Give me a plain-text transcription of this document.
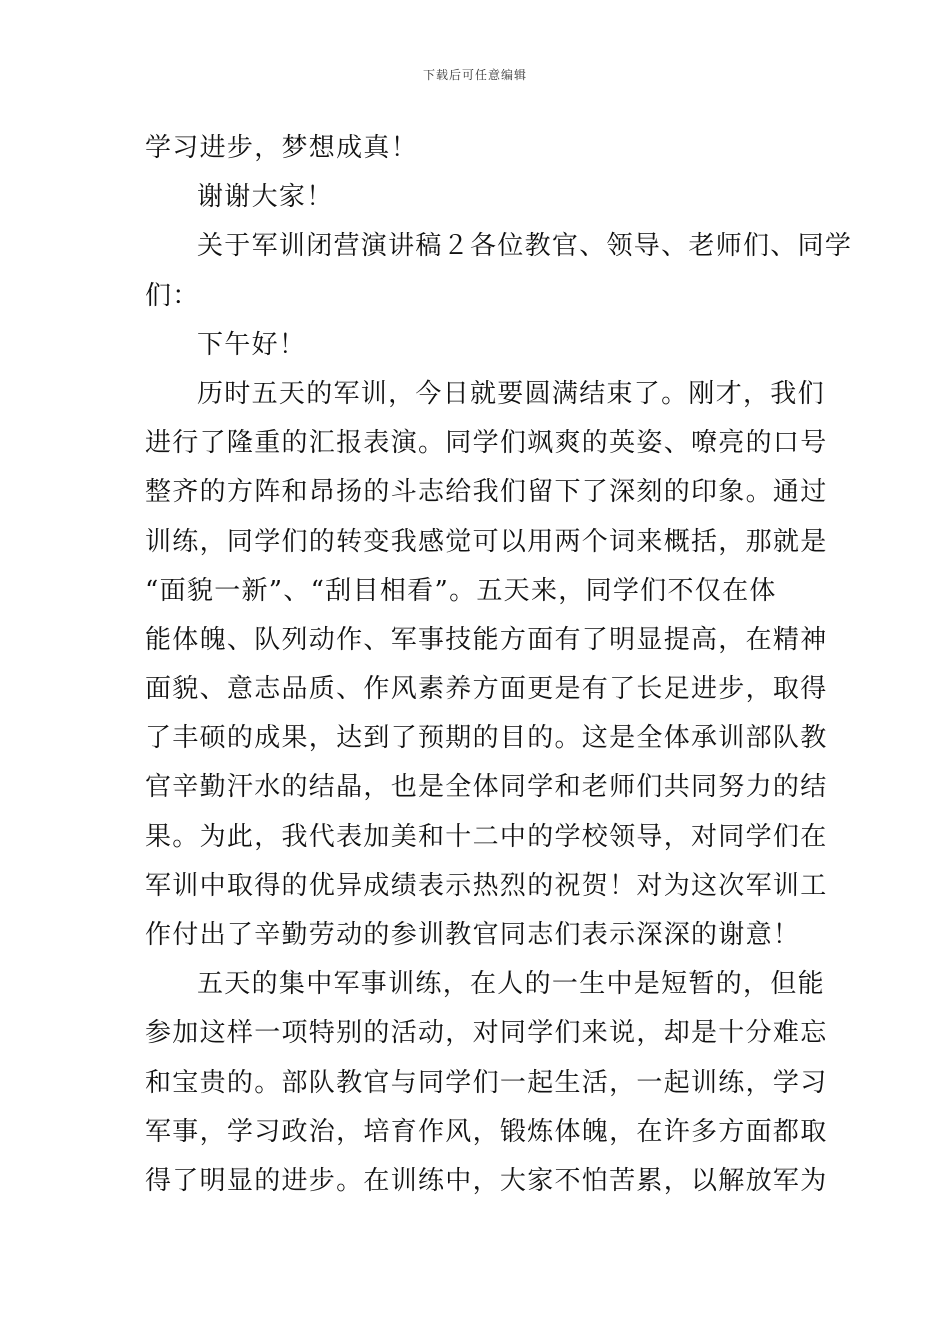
下载后可任意编辑
学习进步，梦想成真！
谢谢大家！
关于军训闭营演讲稿２各位教官、领导、老师们、同学
们：
下午好！
历时五天的军训，今日就要圆满结束了。刚才，我们
进行了隆重的汇报表演。同学们飒爽的英姿、嘹亮的口号
整齐的方阵和昂扬的斗志给我们留下了深刻的印象。通过
训练，同学们的转变我感觉可以用两个词来概括，那就是
“面貌一新”、“刮目相看”。五天来，同学们不仅在体
能体魄、队列动作、军事技能方面有了明显提高，在精神
面貌、意志品质、作风素养方面更是有了长足进步，取得
了丰硕的成果，达到了预期的目的。这是全体承训部队教
官辛勤汗水的结晶，也是全体同学和老师们共同努力的结
果。为此，我代表加美和十二中的学校领导，对同学们在
军训中取得的优异成绩表示热烈的祝贺！对为这次军训工
作付出了辛勤劳动的参训教官同志们表示深深的谢意！
五天的集中军事训练，在人的一生中是短暂的，但能
参加这样一项特别的活动，对同学们来说，却是十分难忘
和宝贵的。部队教官与同学们一起生活，一起训练，学习
军事，学习政治，培育作风，锻炼体魄，在许多方面都取
得了明显的进步。在训练中，大家不怕苦累，以解放军为
